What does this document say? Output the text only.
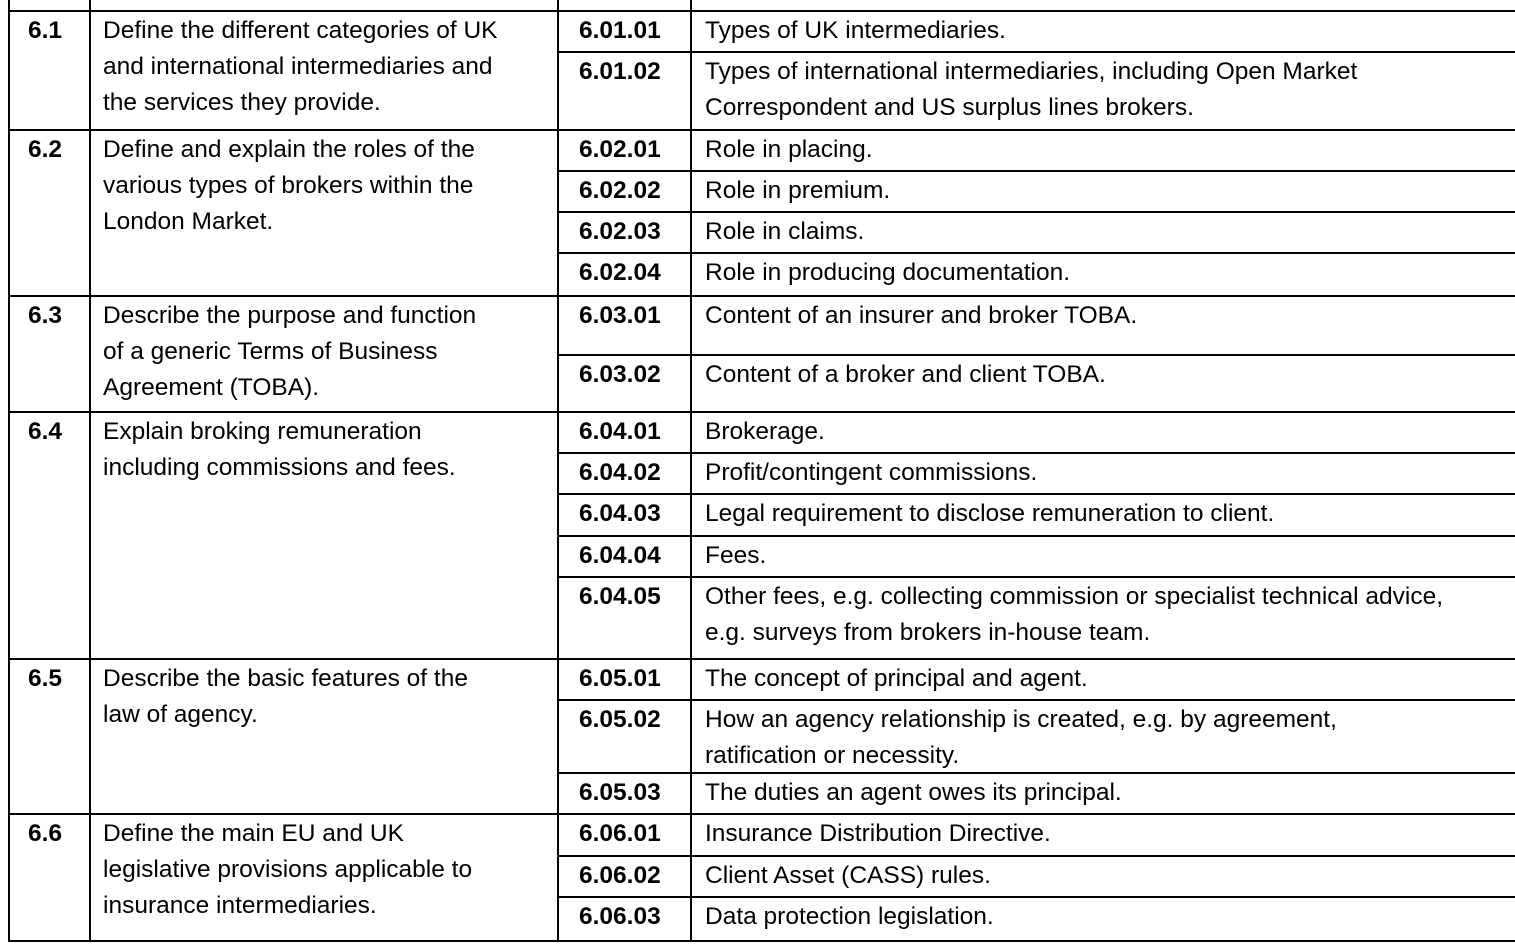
6.1 Define the different categories of UK
and international intermediaries and
the services they provide.
6.01.01 Types of UK intermediaries.
6.01.02 Types of international intermediaries, including Open Market
Correspondent and US surplus lines brokers.
6.2 Define and explain the roles of the
various types of brokers within the
London Market.
6.02.01 Role in placing.
6.02.02 Role in premium.
6.02.03 Role in claims.
6.02.04 Role in producing documentation.
6.3 Describe the purpose and function
of a generic Terms of Business
Agreement (TOBA).
6.03.01 Content of an insurer and broker TOBA.
6.03.02 Content of a broker and client TOBA.
6.4 Explain broking remuneration
including commissions and fees.
6.04.01 Brokerage.
6.04.02 Profit/contingent commissions.
6.04.03 Legal requirement to disclose remuneration to client.
6.04.04 Fees.
6.04.05 Other fees, e.g. collecting commission or specialist technical advice,
e.g. surveys from brokers in-house team.
6.5 Describe the basic features of the
law of agency.
6.05.01 The concept of principal and agent.
6.05.02 How an agency relationship is created, e.g. by agreement,
ratification or necessity.
6.05.03 The duties an agent owes its principal.
6.6 Define the main EU and UK
legislative provisions applicable to
insurance intermediaries.
6.06.01 Insurance Distribution Directive.
6.06.02 Client Asset (CASS) rules.
6.06.03 Data protection legislation.
